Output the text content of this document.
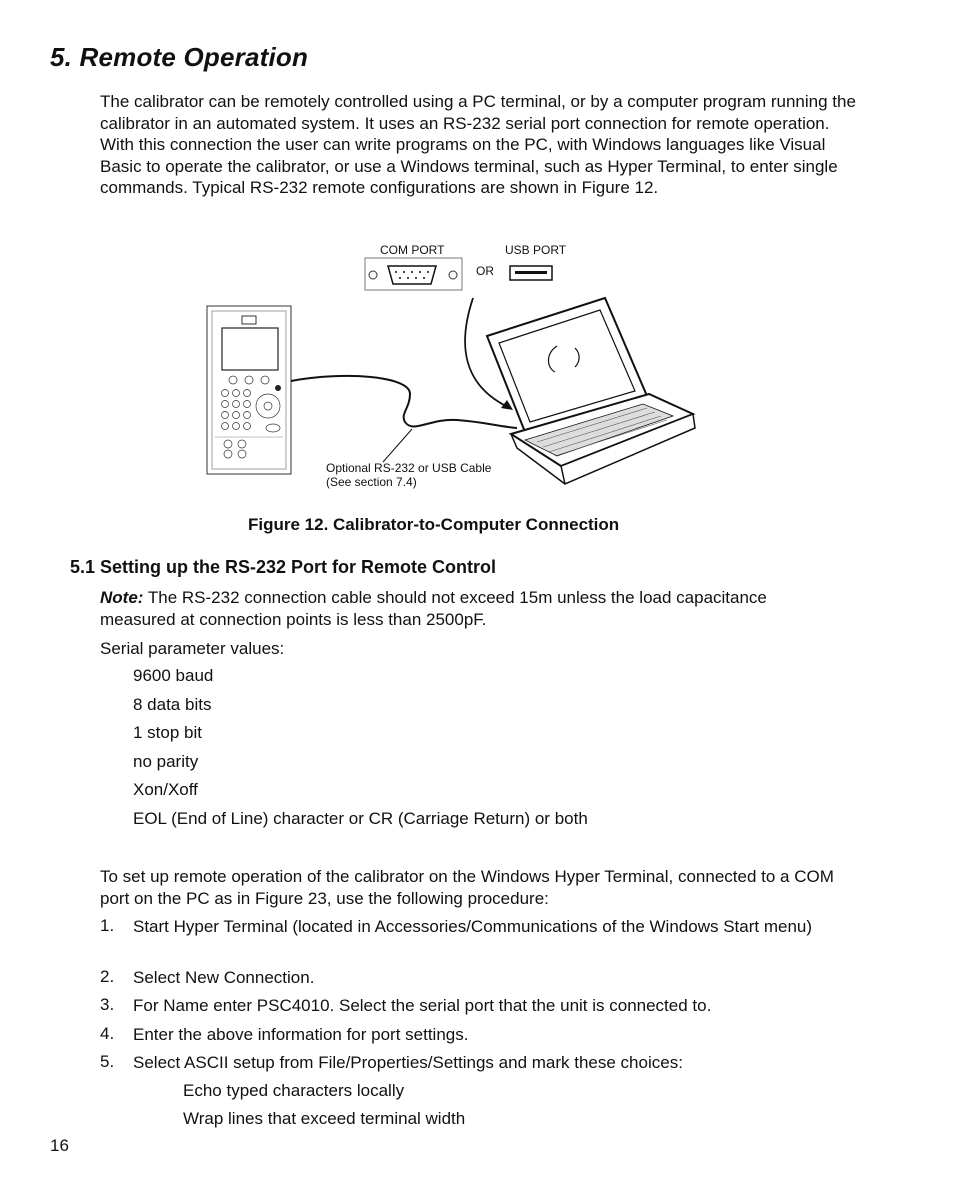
5. Remote Operation
The calibrator can be remotely controlled using a PC terminal, or by a computer program running the calibrator in an automated system. It uses an RS-232 serial port connection for remote operation. With this connection the user can write programs on the PC, with Windows languages like Visual Basic to operate the calibrator, or use a Windows terminal, such as Hyper Terminal, to enter single commands. Typical RS-232 remote configurations are shown in Figure 12.
COM PORT	USB PORT
OR
Optional RS-232 or USB Cable
(See section 7.4)
Figure 12. Calibrator-to-Computer Connection
5.1 Setting up the RS-232 Port for Remote Control
Note: The RS-232 connection cable should not exceed 15m unless the load capacitance measured at connection points is less than 2500pF.
Serial parameter values:
9600 baud
8 data bits
1 stop bit
no parity
Xon/Xoff
EOL (End of Line) character or CR (Carriage Return) or both
To set up remote operation of the calibrator on the Windows Hyper Terminal, connected to a COM port on the PC as in Figure 23, use the following procedure:
1. Start Hyper Terminal (located in Accessories/Communications of the Windows Start menu)
2. Select New Connection.
3. For Name enter PSC4010. Select the serial port that the unit is connected to.
4. Enter the above information for port settings.
5. Select ASCII setup from File/Properties/Settings and mark these choices:
Echo typed characters locally
Wrap lines that exceed terminal width
16
